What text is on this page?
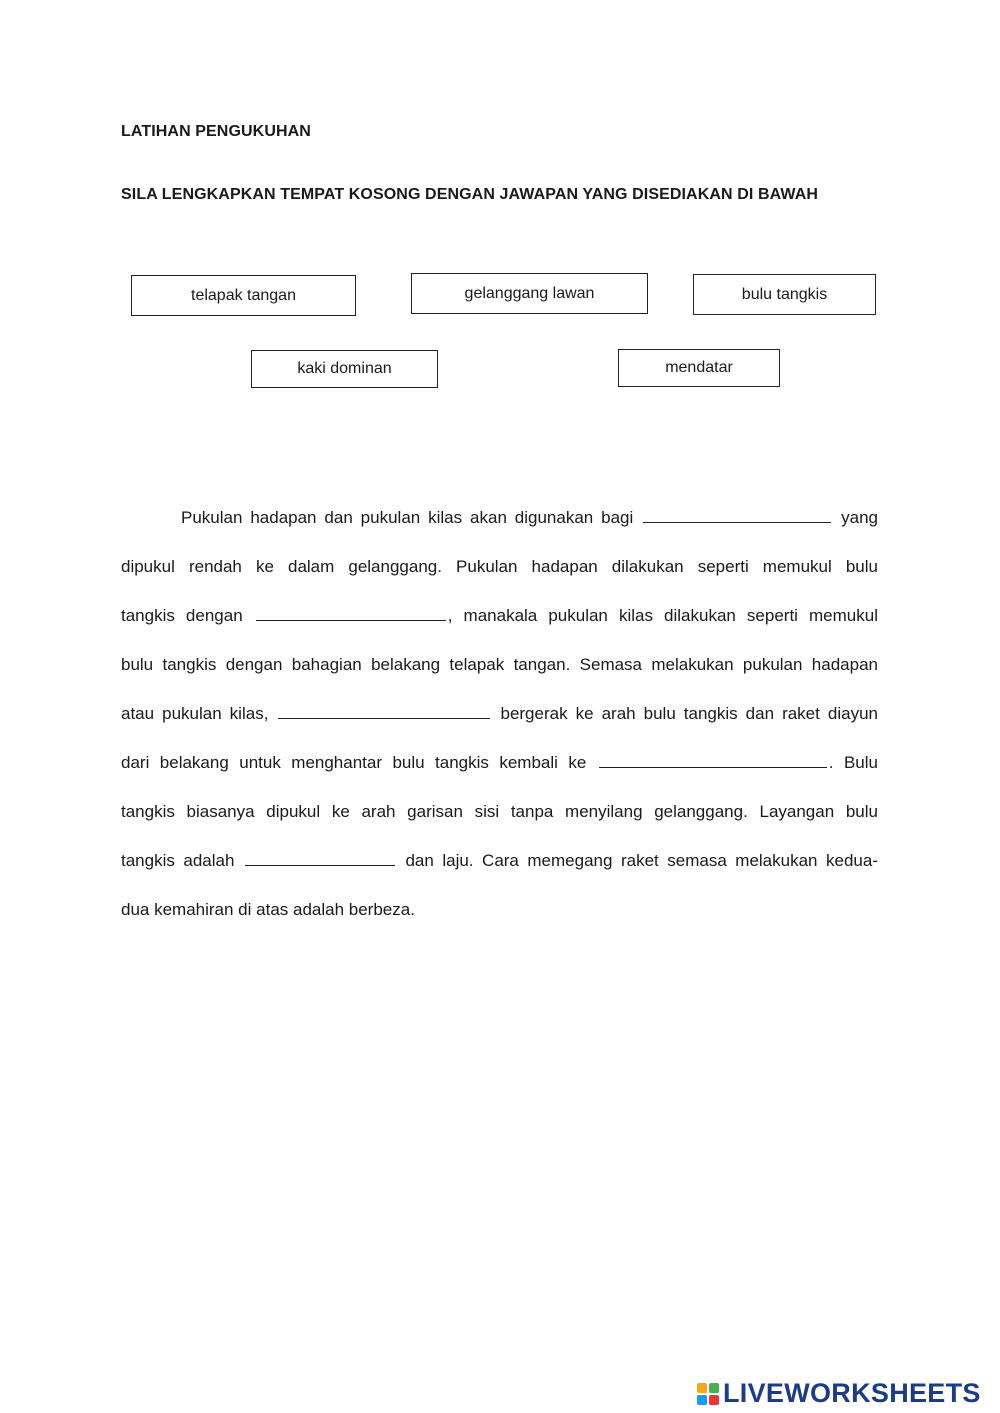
LATIHAN PENGUKUHAN
SILA LENGKAPKAN TEMPAT KOSONG DENGAN JAWAPAN YANG DISEDIAKAN DI BAWAH
telapak tangan	gelanggang lawan	bulu tangkis
kaki dominan	mendatar
Pukulan hadapan dan pukulan kilas akan digunakan bagi	yang
dipukul rendah ke dalam gelanggang. Pukulan hadapan dilakukan seperti memukul bulu
tangkis dengan	, manakala pukulan kilas dilakukan seperti memukul
bulu tangkis dengan bahagian belakang telapak tangan. Semasa melakukan pukulan hadapan
atau pukulan kilas,	bergerak ke arah bulu tangkis dan raket diayun
dari belakang untuk menghantar bulu tangkis kembali ke	. Bulu
tangkis biasanya dipukul ke arah garisan sisi tanpa menyilang gelanggang. Layangan bulu
tangkis adalah	dan laju. Cara memegang raket semasa melakukan kedua-
dua kemahiran di atas adalah berbeza.
LIVEWORKSHEETS
